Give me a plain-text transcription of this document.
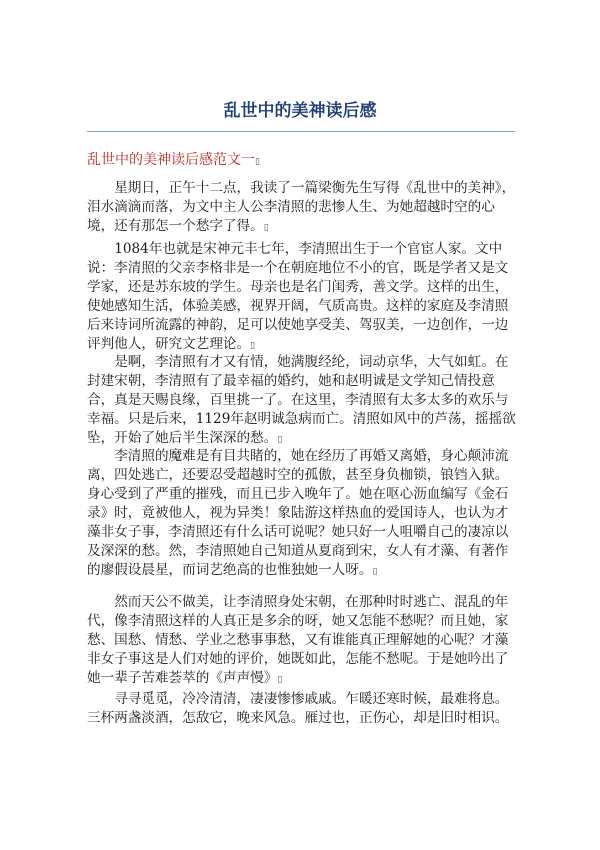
乱世中的美神读后感

乱世中的美神读后感范文一▯

星期日，正午十二点，我读了一篇梁衡先生写得《乱世中的美神》，泪水滴滴而落，为文中主人公李清照的悲惨人生、为她超越时空的心境，还有那怎一个愁字了得。▯

1084年也就是宋神元丰七年，李清照出生于一个官宦人家。文中说：李清照的父亲李格非是一个在朝庭地位不小的官，既是学者又是文学家，还是苏东坡的学生。母亲也是名门闺秀，善文学。这样的出生，使她感知生活，体验美感，视界开阔，气质高贵。这样的家庭及李清照后来诗词所流露的神韵，足可以使她享受美、驾驭美，一边创作，一边评判他人，研究文艺理论。▯

是啊，李清照有才又有情，她满腹经纶，词动京华，大气如虹。在封建宋朝，李清照有了最幸福的婚约，她和赵明诚是文学知己情投意合，真是天赐良缘，百里挑一了。在这里，李清照有太多太多的欢乐与幸福。只是后来，1129年赵明诚急病而亡。清照如风中的芦荡，摇摇欲坠，开始了她后半生深深的愁。▯

李清照的魔难是有目共睹的，她在经历了再婚又离婚，身心颠沛流离，四处逃亡，还要忍受超越时空的孤傲，甚至身负枷锁，锒铛入狱。身心受到了严重的摧残，而且已步入晚年了。她在呕心沥血编写《金石录》时，竟被他人，视为异类！象陆游这样热血的爱国诗人，也认为才藻非女子事，李清照还有什么话可说呢？她只好一人咀嚼自己的凄凉以及深深的愁。然，李清照她自己知道从夏商到宋，女人有才藻、有著作的廖假设晨星，而词艺绝高的也惟独她一人呀。▯

然而天公不做美，让李清照身处宋朝，在那种时时逃亡、混乱的年代，像李清照这样的人真正是多余的呀，她又怎能不愁呢？而且她，家愁、国愁、情愁、学业之愁事事愁，又有谁能真正理解她的心呢？才藻非女子事这是人们对她的评价，她既如此，怎能不愁呢。于是她吟出了她一辈子苦难荟萃的《声声慢》▯

寻寻觅觅，冷冷清清，凄凄惨惨戚戚。乍暖还寒时候，最难将息。三杯两盏淡酒，怎敌它，晚来风急。雁过也，正伤心，却是旧时相识。
